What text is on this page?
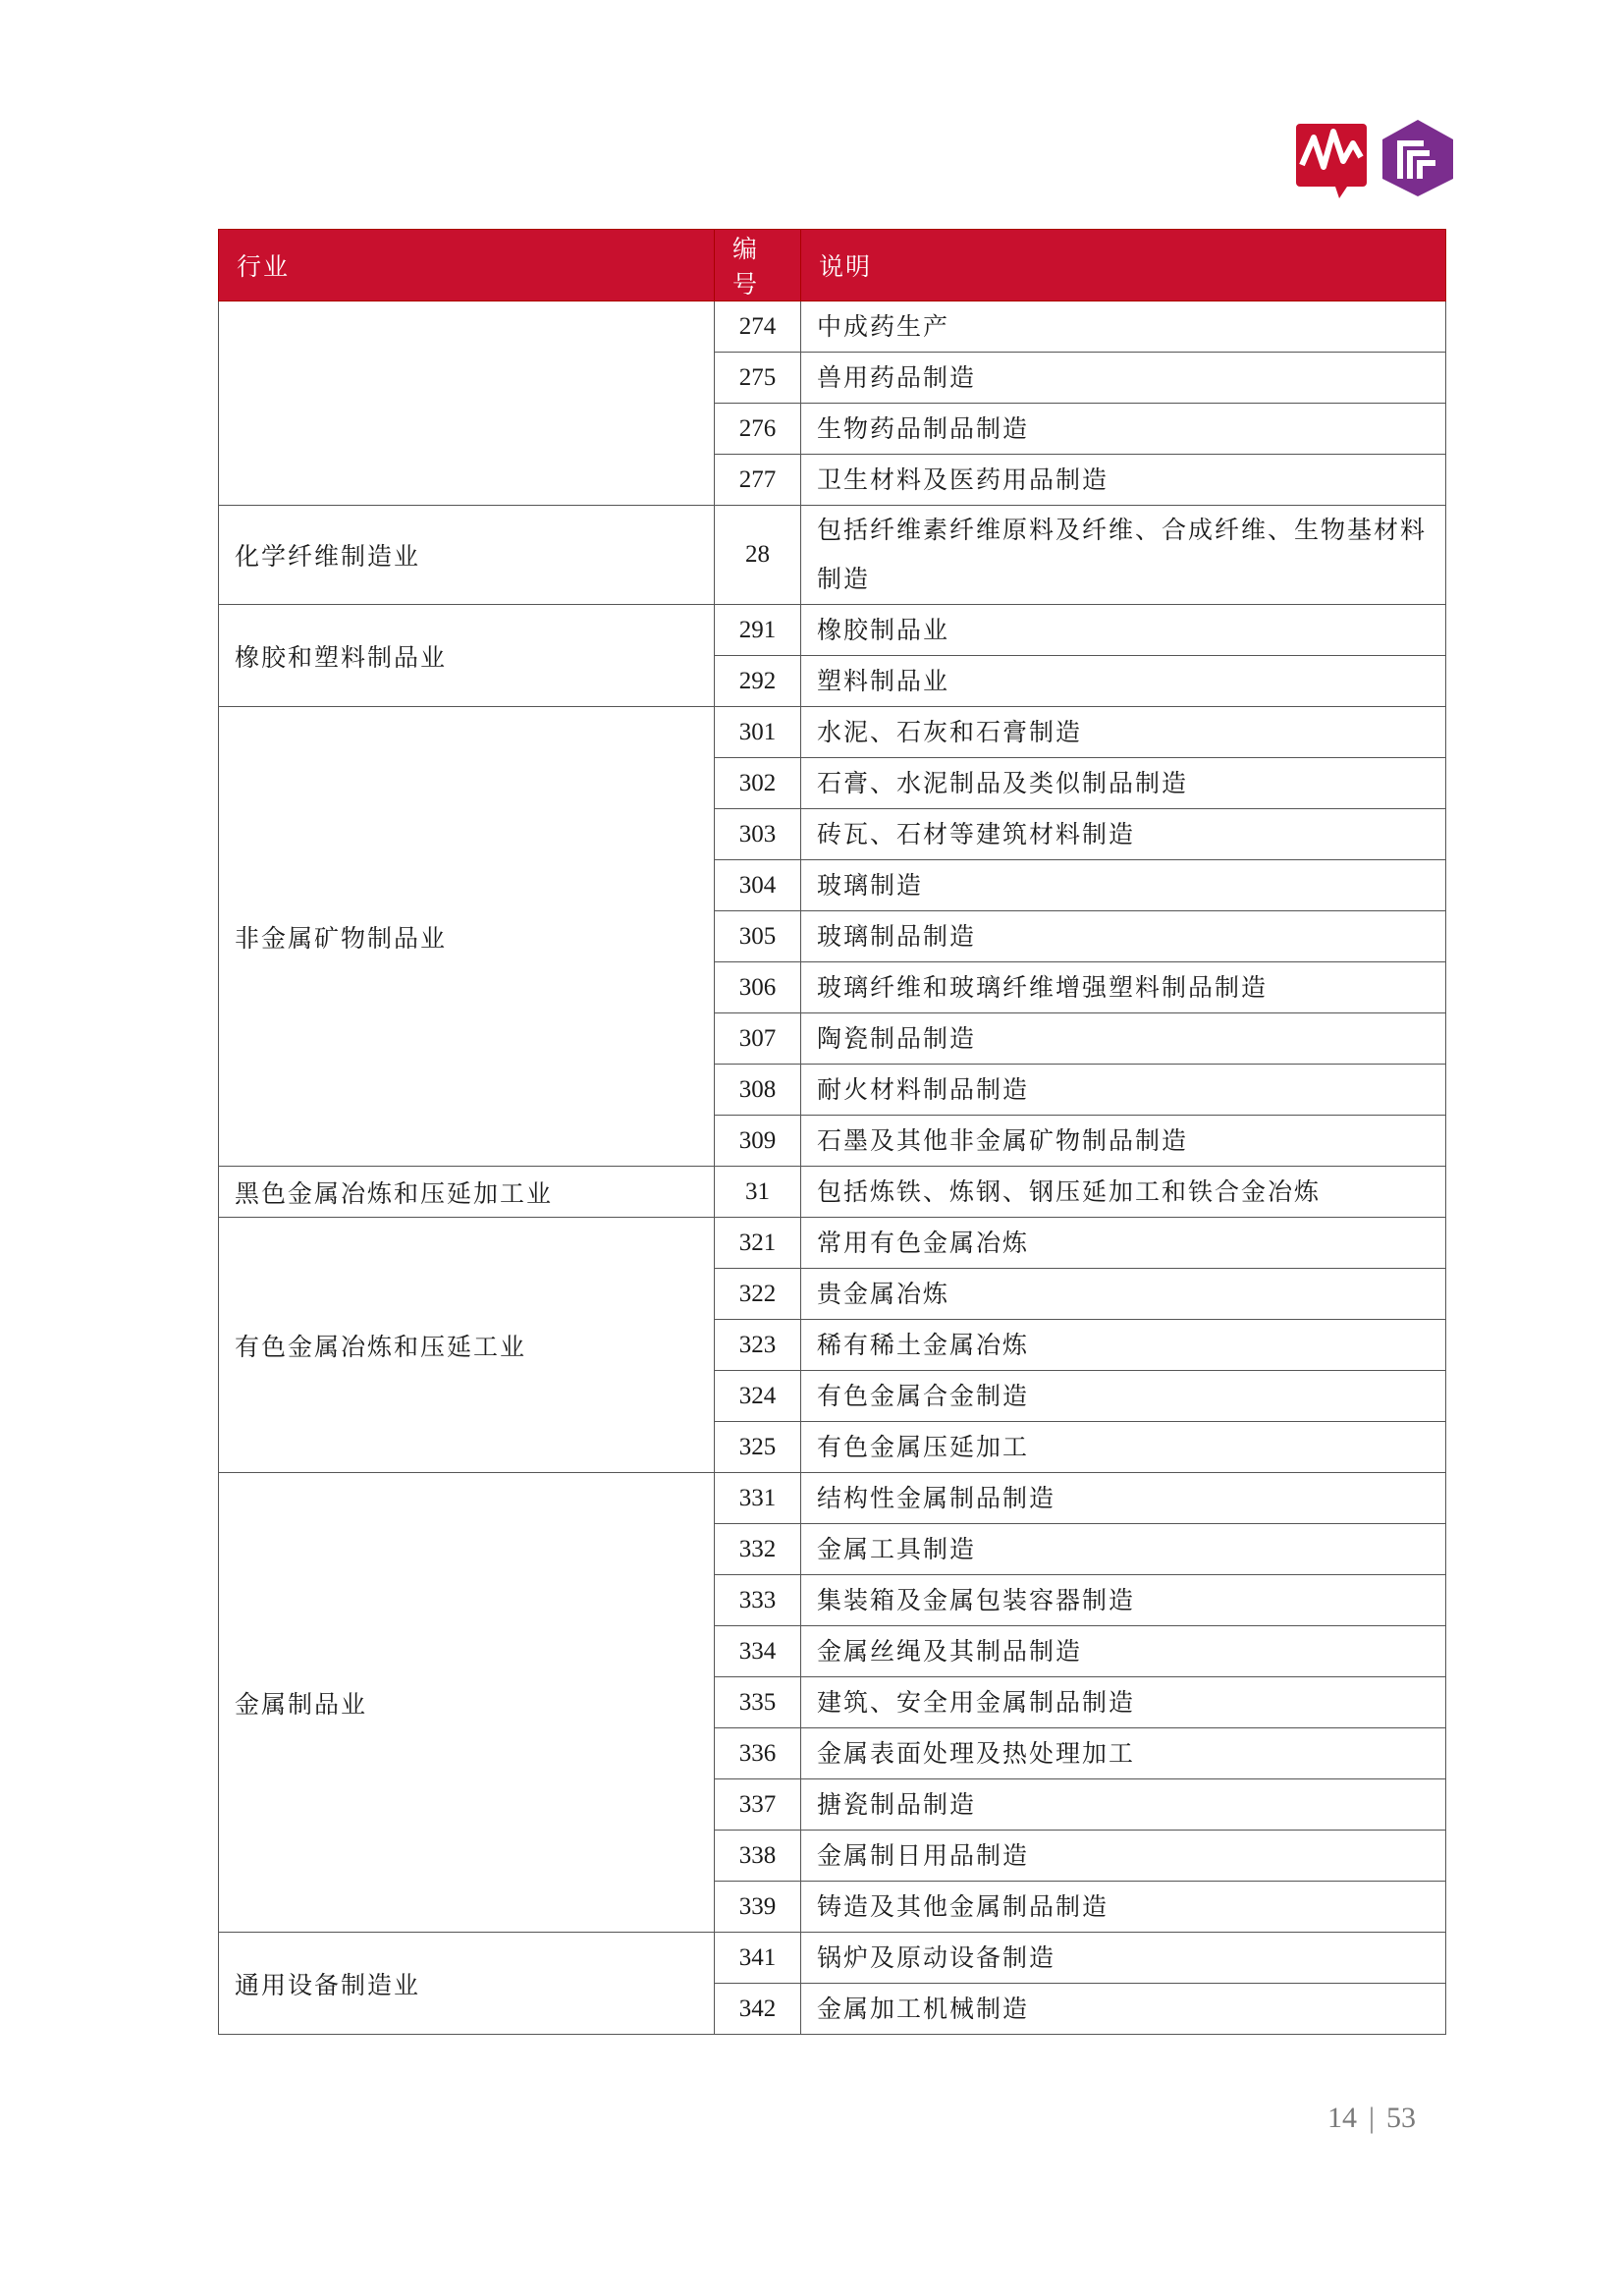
行业	编号	说明
	274	中成药生产
	275	兽用药品制造
	276	生物药品制品制造
	277	卫生材料及医药用品制造
化学纤维制造业	28	包括纤维素纤维原料及纤维、合成纤维、生物基材料制造
橡胶和塑料制品业	291	橡胶制品业
	292	塑料制品业
非金属矿物制品业	301	水泥、石灰和石膏制造
	302	石膏、水泥制品及类似制品制造
	303	砖瓦、石材等建筑材料制造
	304	玻璃制造
	305	玻璃制品制造
	306	玻璃纤维和玻璃纤维增强塑料制品制造
	307	陶瓷制品制造
	308	耐火材料制品制造
	309	石墨及其他非金属矿物制品制造
黑色金属冶炼和压延加工业	31	包括炼铁、炼钢、钢压延加工和铁合金冶炼
有色金属冶炼和压延工业	321	常用有色金属冶炼
	322	贵金属冶炼
	323	稀有稀土金属冶炼
	324	有色金属合金制造
	325	有色金属压延加工
金属制品业	331	结构性金属制品制造
	332	金属工具制造
	333	集装箱及金属包装容器制造
	334	金属丝绳及其制品制造
	335	建筑、安全用金属制品制造
	336	金属表面处理及热处理加工
	337	搪瓷制品制造
	338	金属制日用品制造
	339	铸造及其他金属制品制造
通用设备制造业	341	锅炉及原动设备制造
	342	金属加工机械制造
14 | 53
